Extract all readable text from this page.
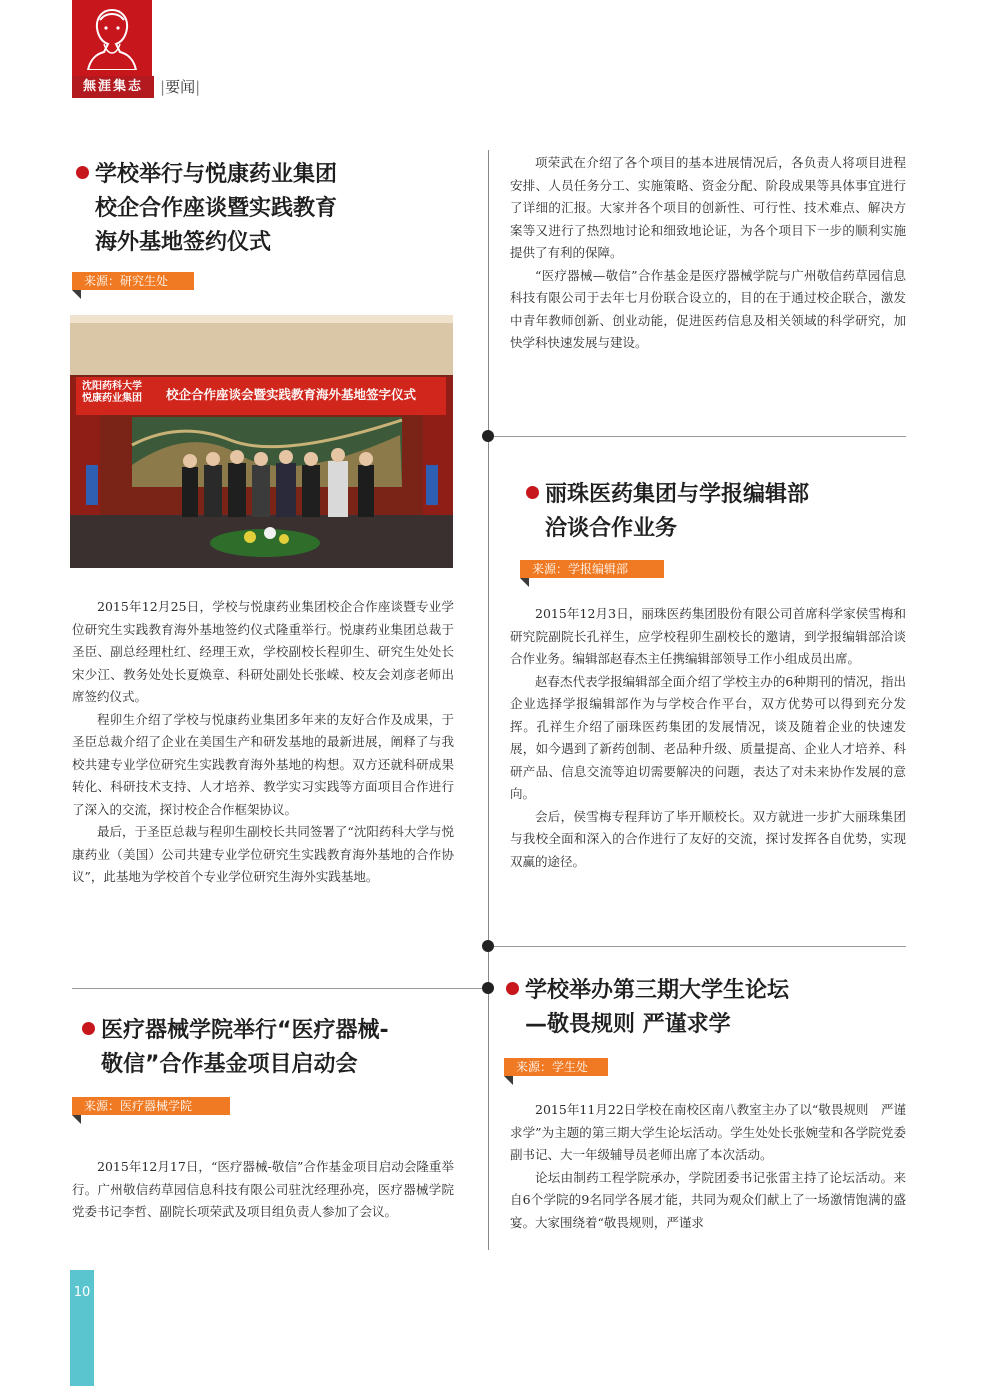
無涯集志	|要闻|
学校举行与悦康药业集团
校企合作座谈暨实践教育
海外基地签约仪式
来源：研究生处
沈阳药科大学
悦康药业集团 校企合作座谈会暨实践教育海外基地签字仪式

2015年12月25日，学校与悦康药业集团校企合作座谈暨专业学位研究生实践教育海外基地签约仪式隆重举行。悦康药业集团总裁于圣臣、副总经理杜红、经理王欢，学校副校长程卯生、研究生处处长宋少江、教务处处长夏焕章、科研处副处长张嵘、校友会刘彦老师出席签约仪式。

程卯生介绍了学校与悦康药业集团多年来的友好合作及成果，于圣臣总裁介绍了企业在美国生产和研发基地的最新进展，阐释了与我校共建专业学位研究生实践教育海外基地的构想。双方还就科研成果转化、科研技术支持、人才培养、教学实习实践等方面项目合作进行了深入的交流，探讨校企合作框架协议。

最后，于圣臣总裁与程卯生副校长共同签署了“沈阳药科大学与悦康药业（美国）公司共建专业学位研究生实践教育海外基地的合作协议”，此基地为学校首个专业学位研究生海外实践基地。

医疗器械学院举行“医疗器械-
敬信”合作基金项目启动会
来源：医疗器械学院

2015年12月17日，“医疗器械-敬信”合作基金项目启动会隆重举行。广州敬信药草园信息科技有限公司驻沈经理孙亮，医疗器械学院党委书记李哲、副院长项荣武及项目组负责人参加了会议。

项荣武在介绍了各个项目的基本进展情况后，各负责人将项目进程安排、人员任务分工、实施策略、资金分配、阶段成果等具体事宜进行了详细的汇报。大家并各个项目的创新性、可行性、技术难点、解决方案等又进行了热烈地讨论和细致地论证，为各个项目下一步的顺利实施提供了有利的保障。

“医疗器械—敬信”合作基金是医疗器械学院与广州敬信药草园信息科技有限公司于去年七月份联合设立的，目的在于通过校企联合，激发中青年教师创新、创业动能，促进医药信息及相关领域的科学研究，加快学科快速发展与建设。

丽珠医药集团与学报编辑部
洽谈合作业务
来源：学报编辑部

2015年12月3日，丽珠医药集团股份有限公司首席科学家侯雪梅和研究院副院长孔祥生，应学校程卯生副校长的邀请，到学报编辑部洽谈合作业务。编辑部赵春杰主任携编辑部领导工作小组成员出席。

赵春杰代表学报编辑部全面介绍了学校主办的6种期刊的情况，指出企业选择学报编辑部作为与学校合作平台，双方优势可以得到充分发挥。孔祥生介绍了丽珠医药集团的发展情况，谈及随着企业的快速发展，如今遇到了新药创制、老品种升级、质量提高、企业人才培养、科研产品、信息交流等迫切需要解决的问题，表达了对未来协作发展的意向。

会后，侯雪梅专程拜访了毕开顺校长。双方就进一步扩大丽珠集团与我校全面和深入的合作进行了友好的交流，探讨发挥各自优势，实现双赢的途径。

学校举办第三期大学生论坛
—敬畏规则 严谨求学
来源：学生处

2015年11月22日学校在南校区南八教室主办了以“敬畏规则　严谨求学”为主题的第三期大学生论坛活动。学生处处长张婉莹和各学院党委副书记、大一年级辅导员老师出席了本次活动。

论坛由制药工程学院承办，学院团委书记张雷主持了论坛活动。来自6个学院的9名同学各展才能，共同为观众们献上了一场激情饱满的盛宴。大家围绕着“敬畏规则，严谨求

10
